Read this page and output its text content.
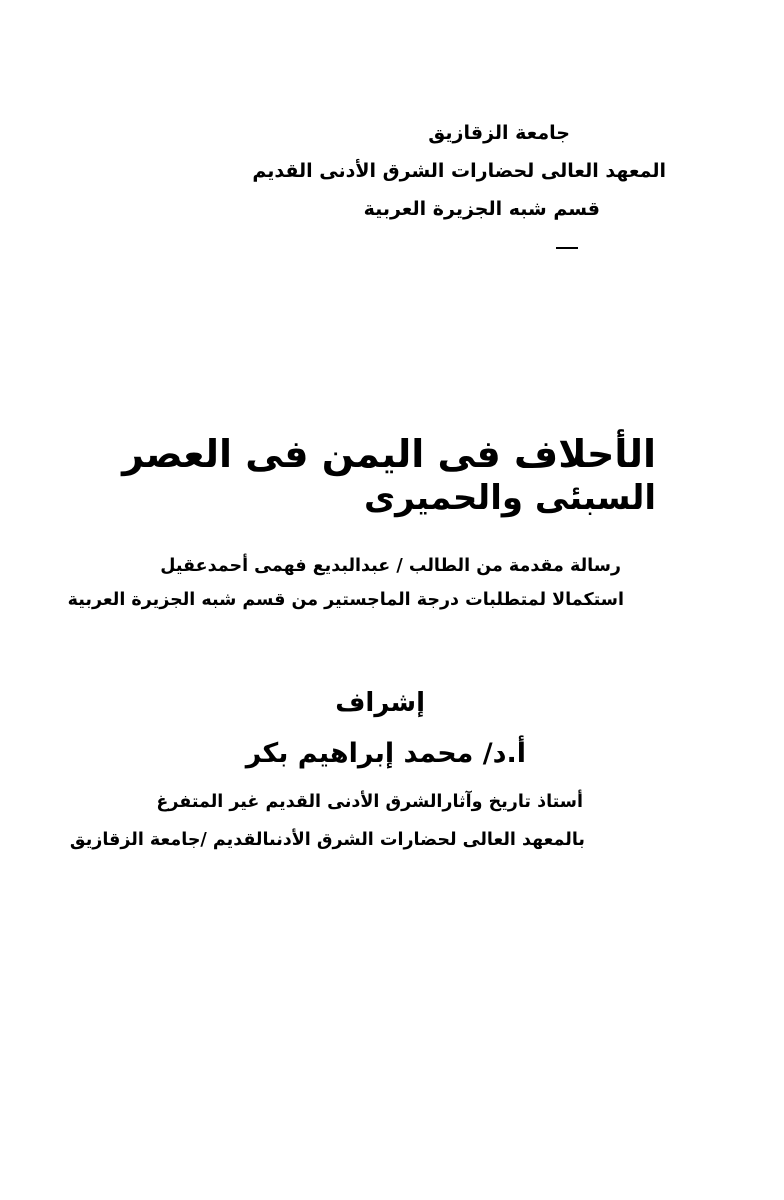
جامعة الزقازيق
المعهد العالى لحضارات الشرق الأدنى القديم
قسم شبه الجزيرة العربية
الأحلاف فى اليمن فى العصر
السبئى والحميرى
رسالة مقدمة من الطالب / عبدالبديع فهمى أحمدعقيل
استكمالا لمتطلبات درجة الماجستير من قسم شبه الجزيرة العربية
إشراف
أ.د/ محمد إبراهيم بكر
أستاذ تاريخ وآثارالشرق الأدنى القديم غير المتفرغ
بالمعهد العالى لحضارات الشرق الأدنىالقديم /جامعة الزقازيق
